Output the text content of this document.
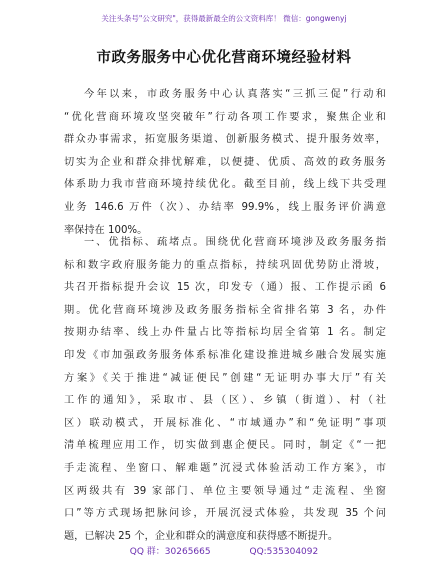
关注头条号"公文研究"，获得最新最全的公文资料库！ 微信：gongwenyj
市政务服务中心优化营商环境经验材料
今年以来，市政务服务中心认真落实“三抓三促”行动和
“优化营商环境攻坚突破年”行动各项工作要求，聚焦企业和
群众办事需求，拓宽服务渠道、创新服务模式、提升服务效率，
切实为企业和群众排忧解难，以便捷、优质、高效的政务服务
体系助力我市营商环境持续优化。截至目前，线上线下共受理
业务 146.6 万件（次）、办结率 99.9%，线上服务评价满意
率保持在 100%。
一、优指标、疏堵点。围绕优化营商环境涉及政务服务指
标和数字政府服务能力的重点指标，持续巩固优势防止滑坡，
共召开指标提升会议 15 次，印发专（通）报、工作提示函 6
期。优化营商环境涉及政务服务指标全省排名第 3 名，办件
按期办结率、线上办件量占比等指标均居全省第 1 名。制定
印发《市加强政务服务体系标准化建设推进城乡融合发展实施
方案》《关于推进“减证便民”创建“无证明办事大厅”有关
工作的通知》，采取市、县（区）、乡镇（街道）、村（社
区）联动模式，开展标准化、“市域通办”和“免证明”事项
清单梳理应用工作，切实做到惠企便民。同时，制定《“一把
手走流程、坐窗口、解难题”沉浸式体验活动工作方案》，市
区两级共有 39 家部门、单位主要领导通过“走流程、坐窗
口”等方式现场把脉问诊，开展沉浸式体验，共发现 35 个问
题，已解决 25 个，企业和群众的满意度和获得感不断提升。
QQ 群：30265665	QQ:535304092
